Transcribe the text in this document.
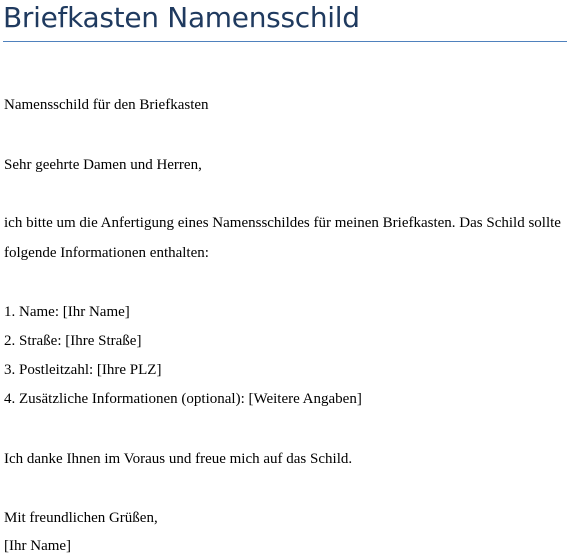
Briefkasten Namensschild
Namensschild für den Briefkasten
Sehr geehrte Damen und Herren,
ich bitte um die Anfertigung eines Namensschildes für meinen Briefkasten. Das Schild sollte
folgende Informationen enthalten:
1. Name: [Ihr Name]
2. Straße: [Ihre Straße]
3. Postleitzahl: [Ihre PLZ]
4. Zusätzliche Informationen (optional): [Weitere Angaben]
Ich danke Ihnen im Voraus und freue mich auf das Schild.
Mit freundlichen Grüßen,
[Ihr Name]
